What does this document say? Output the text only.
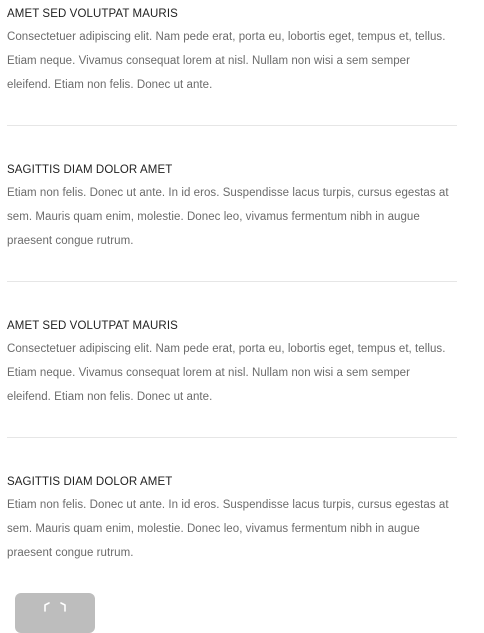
AMET SED VOLUTPAT MAURIS

Consectetuer adipiscing elit. Nam pede erat, porta eu, lobortis eget, tempus et, tellus. Etiam neque. Vivamus consequat lorem at nisl. Nullam non wisi a sem semper eleifend. Etiam non felis. Donec ut ante.

SAGITTIS DIAM DOLOR AMET

Etiam non felis. Donec ut ante. In id eros. Suspendisse lacus turpis, cursus egestas at sem. Mauris quam enim, molestie. Donec leo, vivamus fermentum nibh in augue praesent congue rutrum.

AMET SED VOLUTPAT MAURIS

Consectetuer adipiscing elit. Nam pede erat, porta eu, lobortis eget, tempus et, tellus. Etiam neque. Vivamus consequat lorem at nisl. Nullam non wisi a sem semper eleifend. Etiam non felis. Donec ut ante.

SAGITTIS DIAM DOLOR AMET

Etiam non felis. Donec ut ante. In id eros. Suspendisse lacus turpis, cursus egestas at sem. Mauris quam enim, molestie. Donec leo, vivamus fermentum nibh in augue praesent congue rutrum.
